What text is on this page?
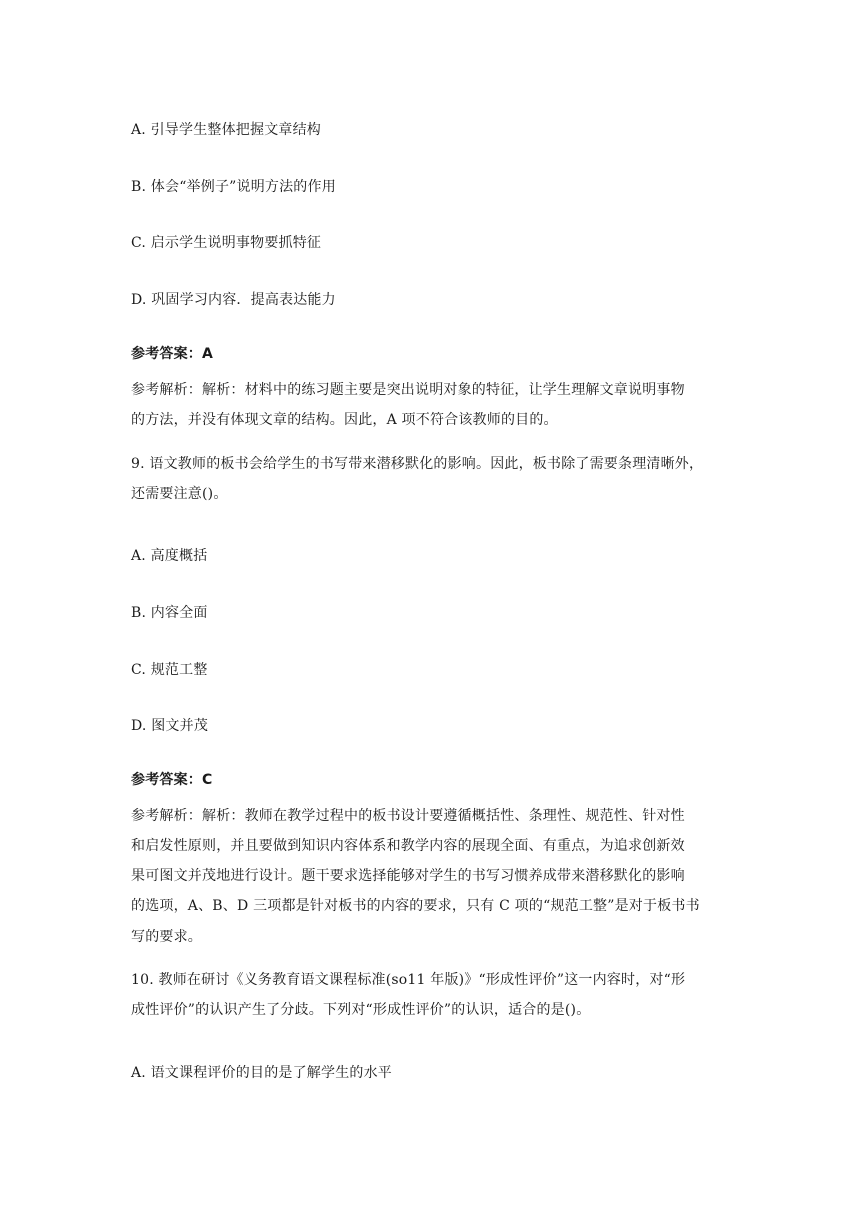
A. 引导学生整体把握文章结构
B. 体会“举例子”说明方法的作用
C. 启示学生说明事物要抓特征
D. 巩固学习内容．提高表达能力
参考答案：A
参考解析：解析：材料中的练习题主要是突出说明对象的特征，让学生理解文章说明事物
的方法，并没有体现文章的结构。因此，A 项不符合该教师的目的。
9. 语文教师的板书会给学生的书写带来潜移默化的影响。因此，板书除了需要条理清晰外，
还需要注意()。
A. 高度概括
B. 内容全面
C. 规范工整
D. 图文并茂
参考答案：C
参考解析：解析：教师在教学过程中的板书设计要遵循概括性、条理性、规范性、针对性
和启发性原则，并且要做到知识内容体系和教学内容的展现全面、有重点，为追求创新效
果可图文并茂地进行设计。题干要求选择能够对学生的书写习惯养成带来潜移默化的影响
的选项，A、B、D 三项都是针对板书的内容的要求，只有 C 项的“规范工整”是对于板书书
写的要求。
10. 教师在研讨《义务教育语文课程标准(so11 年版)》“形成性评价”这一内容时，对“形
成性评价”的认识产生了分歧。下列对“形成性评价”的认识，适合的是()。
A. 语文课程评价的目的是了解学生的水平
